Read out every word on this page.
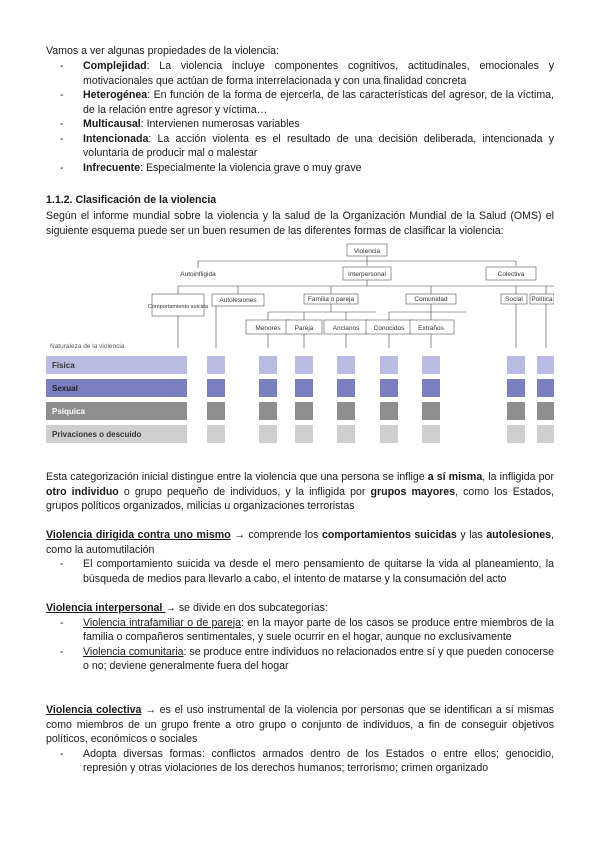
Vamos a ver algunas propiedades de la violencia:
- Complejidad: La violencia incluye componentes cognitivos, actitudinales, emocionales y motivacionales que actúan de forma interrelacionada y con una finalidad concreta
- Heterogénea: En función de la forma de ejercerla, de las características del agresor, de la víctima, de la relación entre agresor y víctima…
- Multicausal: Intervienen numerosas variables
- Intencionada: La acción violenta es el resultado de una decisión deliberada, intencionada y voluntaria de producir mal o malestar
- Infrecuente: Especialmente la violencia grave o muy grave
1.1.2. Clasificación de la violencia
Según el informe mundial sobre la violencia y la salud de la Organización Mundial de la Salud (OMS) el siguiente esquema puede ser un buen resumen de las diferentes formas de clasificar la violencia:
Violencia
Autoinfligida	Interpersonal	Colectiva
Comportamiento suicida
Autolesiones	Familia o pareja	Comunidad	Social Política
Menores Pareja	Ancianos Conocidos Extraños
Naturaleza de la violencia
Física
Sexual
Psíquica
Privaciones o descuido
Esta categorización inicial distingue entre la violencia que una persona se inflige a sí misma, la infligida por otro individuo o grupo pequeño de individuos, y la infligida por grupos mayores, como los Estados, grupos políticos organizados, milicias u organizaciones terroristas
Violencia dirigida contra uno mismo → comprende los comportamientos suicidas y las autolesiones, como la automutilación
- El comportamiento suicida va desde el mero pensamiento de quitarse la vida al planeamiento, la búsqueda de medios para llevarlo a cabo, el intento de matarse y la consumación del acto
Violencia interpersonal → se divide en dos subcategorías:
- Violencia intrafamiliar o de pareja: en la mayor parte de los casos se produce entre miembros de la familia o compañeros sentimentales, y suele ocurrir en el hogar, aunque no exclusivamente
- Violencia comunitaria: se produce entre individuos no relacionados entre sí y que pueden conocerse o no; deviene generalmente fuera del hogar
Violencia colectiva → es el uso instrumental de la violencia por personas que se identifican a sí mismas como miembros de un grupo frente a otro grupo o conjunto de individuos, a fin de conseguir objetivos políticos, económicos o sociales
- Adopta diversas formas: conflictos armados dentro de los Estados o entre ellos; genocidio, represión y otras violaciones de los derechos humanos; terrorismo; crimen organizado
